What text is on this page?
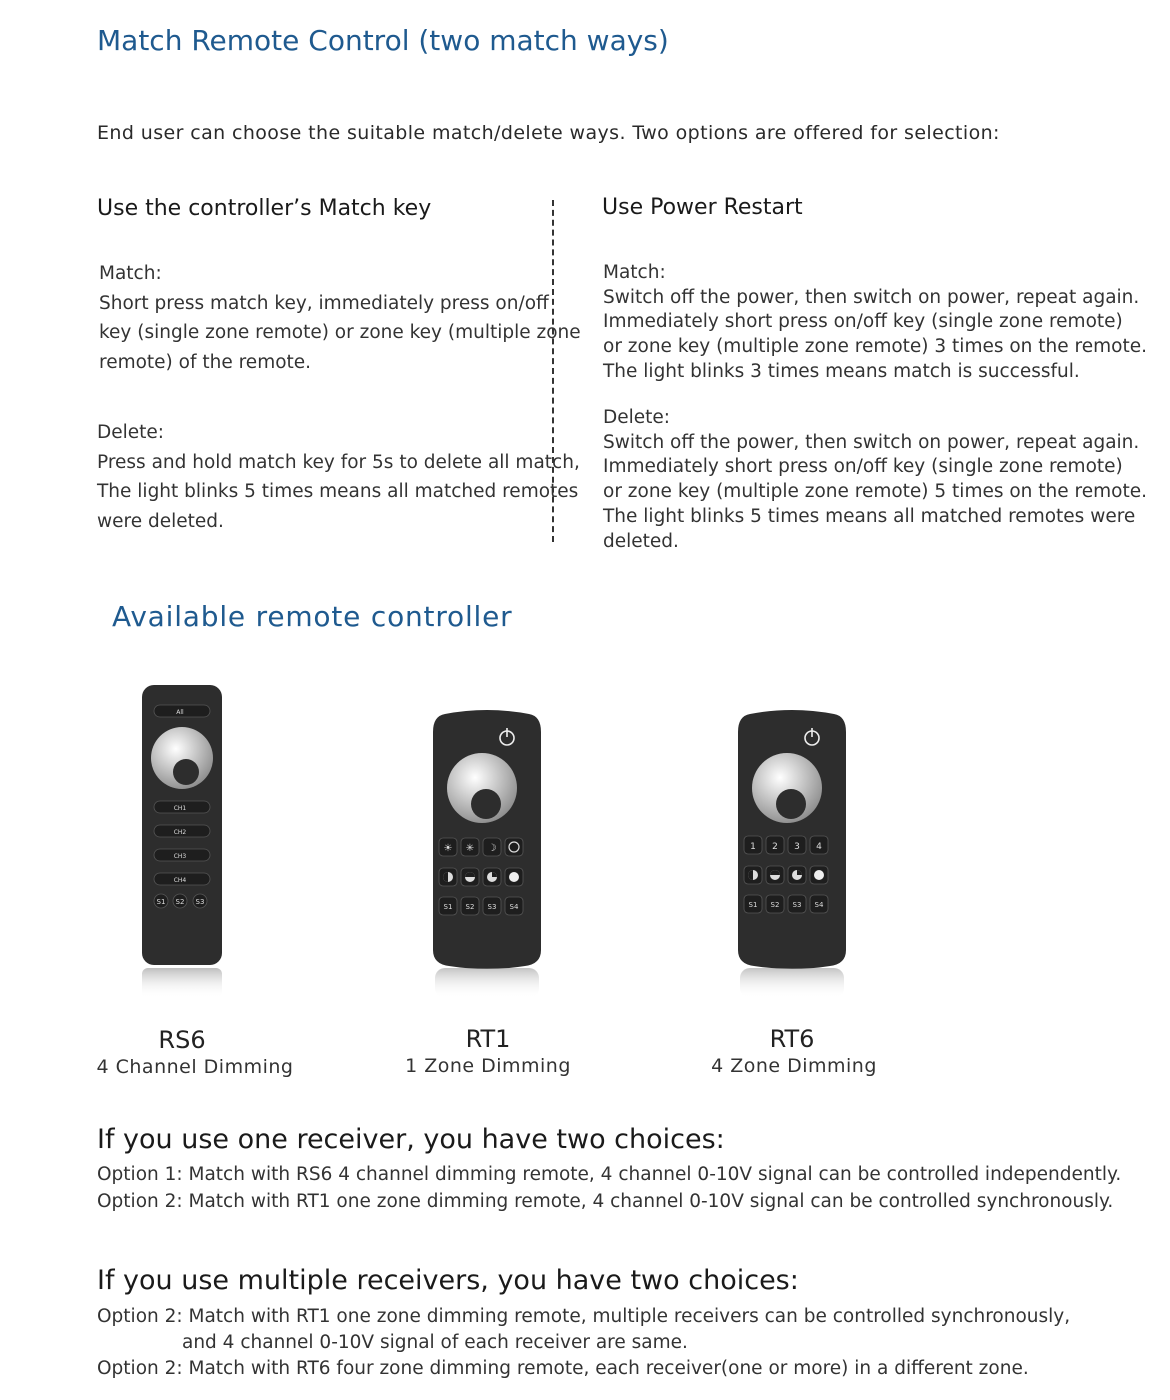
Match Remote Control (two match ways)
End user can choose the suitable match/delete ways. Two options are offered for selection:
Use the controller’s Match key
Match:
Short press match key, immediately press on/off
key (single zone remote) or zone key (multiple zone
remote) of the remote.
Delete:
Press and hold match key for 5s to delete all match,
The light blinks 5 times means all matched remotes
were deleted.
Use Power Restart
Match:
Switch off the power, then switch on power, repeat again.
Immediately short press on/off key (single zone remote)
or zone key (multiple zone remote) 3 times on the remote.
The light blinks 3 times means match is successful.
Delete:
Switch off the power, then switch on power, repeat again.
Immediately short press on/off key (single zone remote)
or zone key (multiple zone remote) 5 times on the remote.
The light blinks 5 times means all matched remotes were
deleted.
Available remote controller
All
CH1
CH2
CH3
CH4
S1 S2 S3
☀ ✳ ☽
S1 S2 S3 S4
1 2 3 4
S1 S2 S3 S4
RS6
4 Channel Dimming
RT1
1 Zone Dimming
RT6
4 Zone Dimming
If you use one receiver, you have two choices:
Option 1: Match with RS6 4 channel dimming remote, 4 channel 0-10V signal can be controlled independently.
Option 2: Match with RT1 one zone dimming remote, 4 channel 0-10V signal can be controlled synchronously.
If you use multiple receivers, you have two choices:
Option 2: Match with RT1 one zone dimming remote, multiple receivers can be controlled synchronously,
and 4 channel 0-10V signal of each receiver are same.
Option 2: Match with RT6 four zone dimming remote, each receiver(one or more) in a different zone.
